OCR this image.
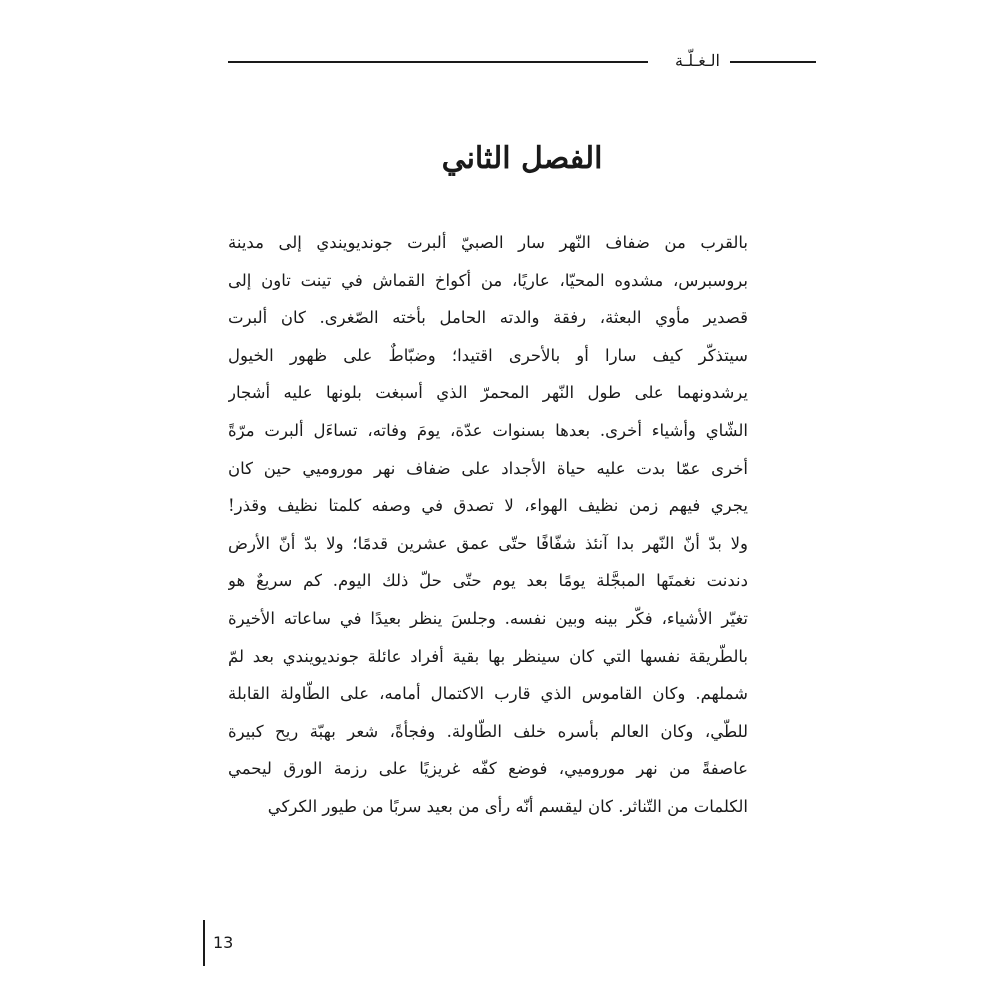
الـغـلّـة
الفصل الثاني
بالقرب من ضفاف النّهر سار الصبيّ ألبرت جونديويندي إلى مدينة
بروسبرس، مشدوه المحيّا، عاريًا، من أكواخ القماش في تينت تاون إلى
قصدير مأوي البعثة، رفقة والدته الحامل بأخته الصّغرى. كان ألبرت
سيتذكّر كيف سارا أو بالأحرى اقتيدا؛ وضبّاطٌ على ظهور الخيول
يرشدونهما على طول النّهر المحمرّ الذي أسبغت بلونها عليه أشجار
الشّاي وأشياء أخرى. بعدها بسنوات عدّة، يومَ وفاته، تساءَل ألبرت مرّةً
أخرى عمّا بدت عليه حياة الأجداد على ضفاف نهر موروميي حين كان
يجري فيهم زمن نظيف الهواء، لا تصدق في وصفه كلمتا نظيف وقذر!
ولا بدّ أنّ النّهر بدا آنئذ شفّافًا حتّى عمق عشرين قدمًا؛ ولا بدّ أنّ الأرض
دندنت نغمتَها المبجَّلة يومًا بعد يوم حتّى حلّ ذلك اليوم. كم سريعٌ هو
تغيّر الأشياء، فكّر بينه وبين نفسه. وجلسَ ينظر بعيدًا في ساعاته الأخيرة
بالطّريقة نفسها التي كان سينظر بها بقية أفراد عائلة جونديويندي بعد لمّ
شملهم. وكان القاموس الذي قارب الاكتمال أمامه، على الطّاولة القابلة
للطّي، وكان العالم بأسره خلف الطّاولة. وفجأةً، شعر بهبّة ريح كبيرة
عاصفةً من نهر موروميي، فوضع كفّه غريزيًا على رزمة الورق ليحمي
الكلمات من التّناثر. كان ليقسم أنّه رأى من بعيد سربًا من طيور الكركي
13
